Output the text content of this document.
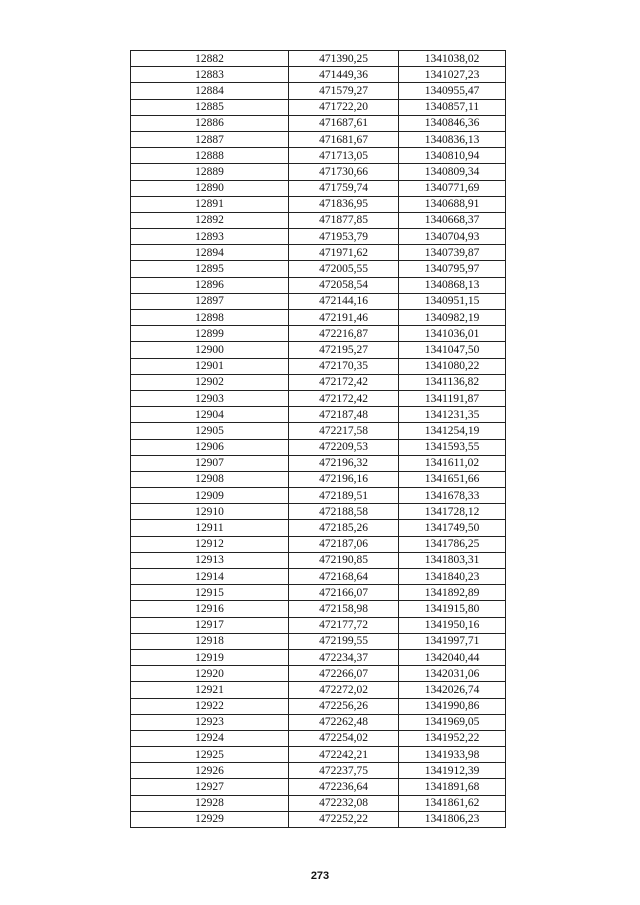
12882	471390,25	1341038,02
12883	471449,36	1341027,23
12884	471579,27	1340955,47
12885	471722,20	1340857,11
12886	471687,61	1340846,36
12887	471681,67	1340836,13
12888	471713,05	1340810,94
12889	471730,66	1340809,34
12890	471759,74	1340771,69
12891	471836,95	1340688,91
12892	471877,85	1340668,37
12893	471953,79	1340704,93
12894	471971,62	1340739,87
12895	472005,55	1340795,97
12896	472058,54	1340868,13
12897	472144,16	1340951,15
12898	472191,46	1340982,19
12899	472216,87	1341036,01
12900	472195,27	1341047,50
12901	472170,35	1341080,22
12902	472172,42	1341136,82
12903	472172,42	1341191,87
12904	472187,48	1341231,35
12905	472217,58	1341254,19
12906	472209,53	1341593,55
12907	472196,32	1341611,02
12908	472196,16	1341651,66
12909	472189,51	1341678,33
12910	472188,58	1341728,12
12911	472185,26	1341749,50
12912	472187,06	1341786,25
12913	472190,85	1341803,31
12914	472168,64	1341840,23
12915	472166,07	1341892,89
12916	472158,98	1341915,80
12917	472177,72	1341950,16
12918	472199,55	1341997,71
12919	472234,37	1342040,44
12920	472266,07	1342031,06
12921	472272,02	1342026,74
12922	472256,26	1341990,86
12923	472262,48	1341969,05
12924	472254,02	1341952,22
12925	472242,21	1341933,98
12926	472237,75	1341912,39
12927	472236,64	1341891,68
12928	472232,08	1341861,62
12929	472252,22	1341806,23
273
